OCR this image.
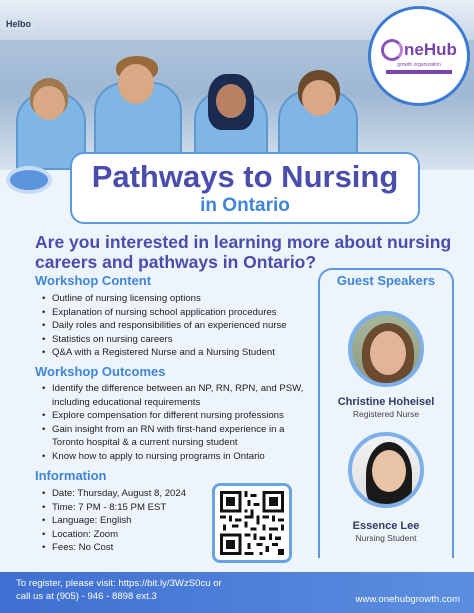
Helbo
neHub
growth organization
Pathways to Nursing
in Ontario
Are you interested in learning more about nursing careers and pathways in Ontario?
Workshop Content
• Outline of nursing licensing options
• Explanation of nursing school application procedures
• Daily roles and responsibilities of an experienced nurse
• Statistics on nursing careers
• Q&A with a Registered Nurse and a Nursing Student
Workshop Outcomes
• Identify the difference between an NP, RN, RPN, and PSW, including educational requirements
• Explore compensation for different nursing professions
• Gain insight from an RN with first-hand experience in a Toronto hospital & a current nursing student
• Know how to apply to nursing programs in Ontario
Information
• Date: Thursday, August 8, 2024
• Time: 7 PM - 8:15 PM EST
• Language: English
• Location: Zoom
• Fees: No Cost
Guest Speakers
Christine Hoheisel
Registered Nurse
Essence Lee
Nursing Student
To register, please visit: https://bit.ly/3WzS0cu or
call us at (905) - 946 - 8898 ext.3	www.onehubgrowth.com
